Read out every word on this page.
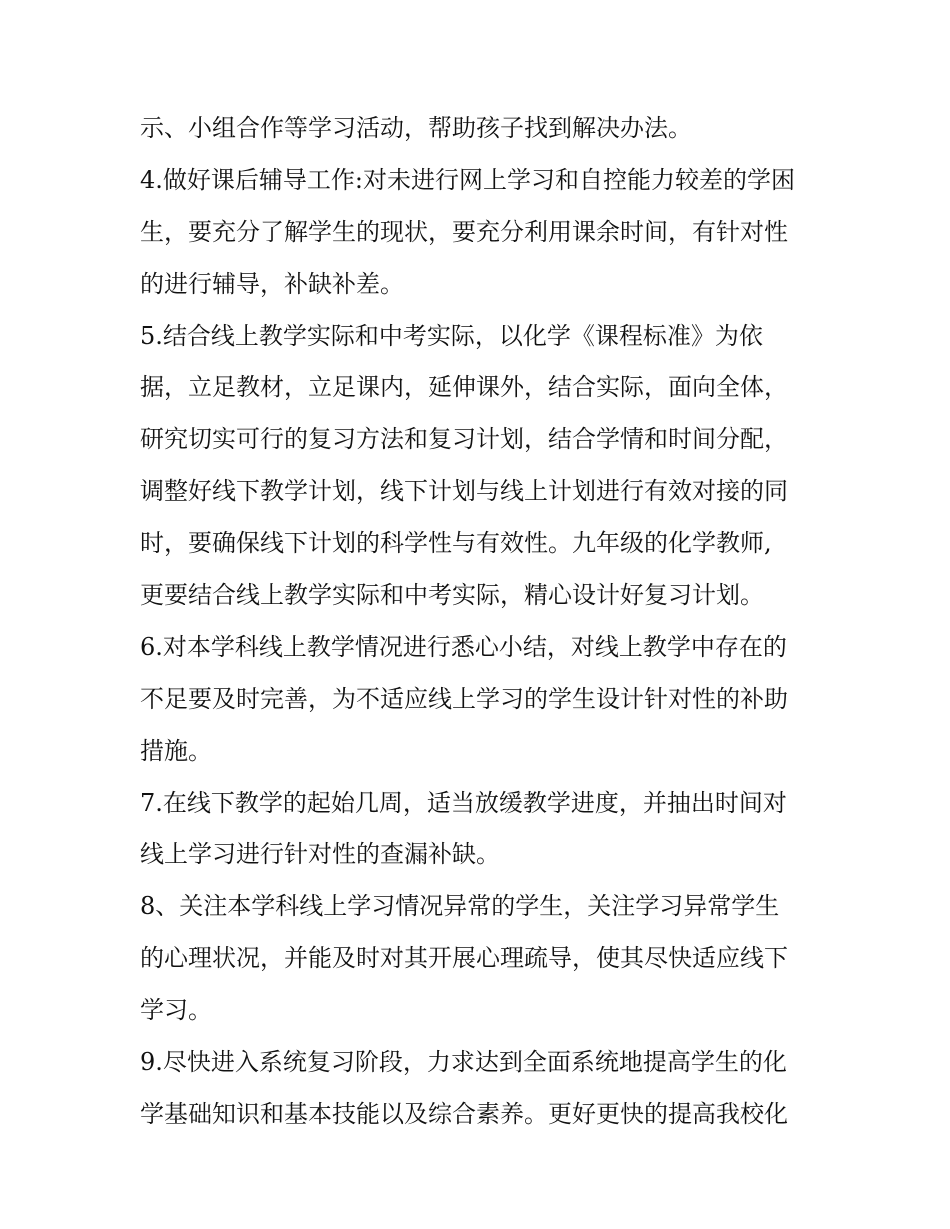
示、小组合作等学习活动，帮助孩子找到解决办法。
4.做好课后辅导工作:对未进行网上学习和自控能力较差的学困
生，要充分了解学生的现状，要充分利用课余时间，有针对性
的进行辅导，补缺补差。
5.结合线上教学实际和中考实际，以化学《课程标准》为依
据，立足教材，立足课内，延伸课外，结合实际，面向全体，
研究切实可行的复习方法和复习计划，结合学情和时间分配，
调整好线下教学计划，线下计划与线上计划进行有效对接的同
时，要确保线下计划的科学性与有效性。九年级的化学教师,
更要结合线上教学实际和中考实际，精心设计好复习计划。
6.对本学科线上教学情况进行悉心小结，对线上教学中存在的
不足要及时完善，为不适应线上学习的学生设计针对性的补助
措施。
7.在线下教学的起始几周，适当放缓教学进度，并抽出时间对
线上学习进行针对性的查漏补缺。
8、关注本学科线上学习情况异常的学生，关注学习异常学生
的心理状况，并能及时对其开展心理疏导，使其尽快适应线下
学习。
9.尽快进入系统复习阶段，力求达到全面系统地提高学生的化
学基础知识和基本技能以及综合素养。更好更快的提高我校化
